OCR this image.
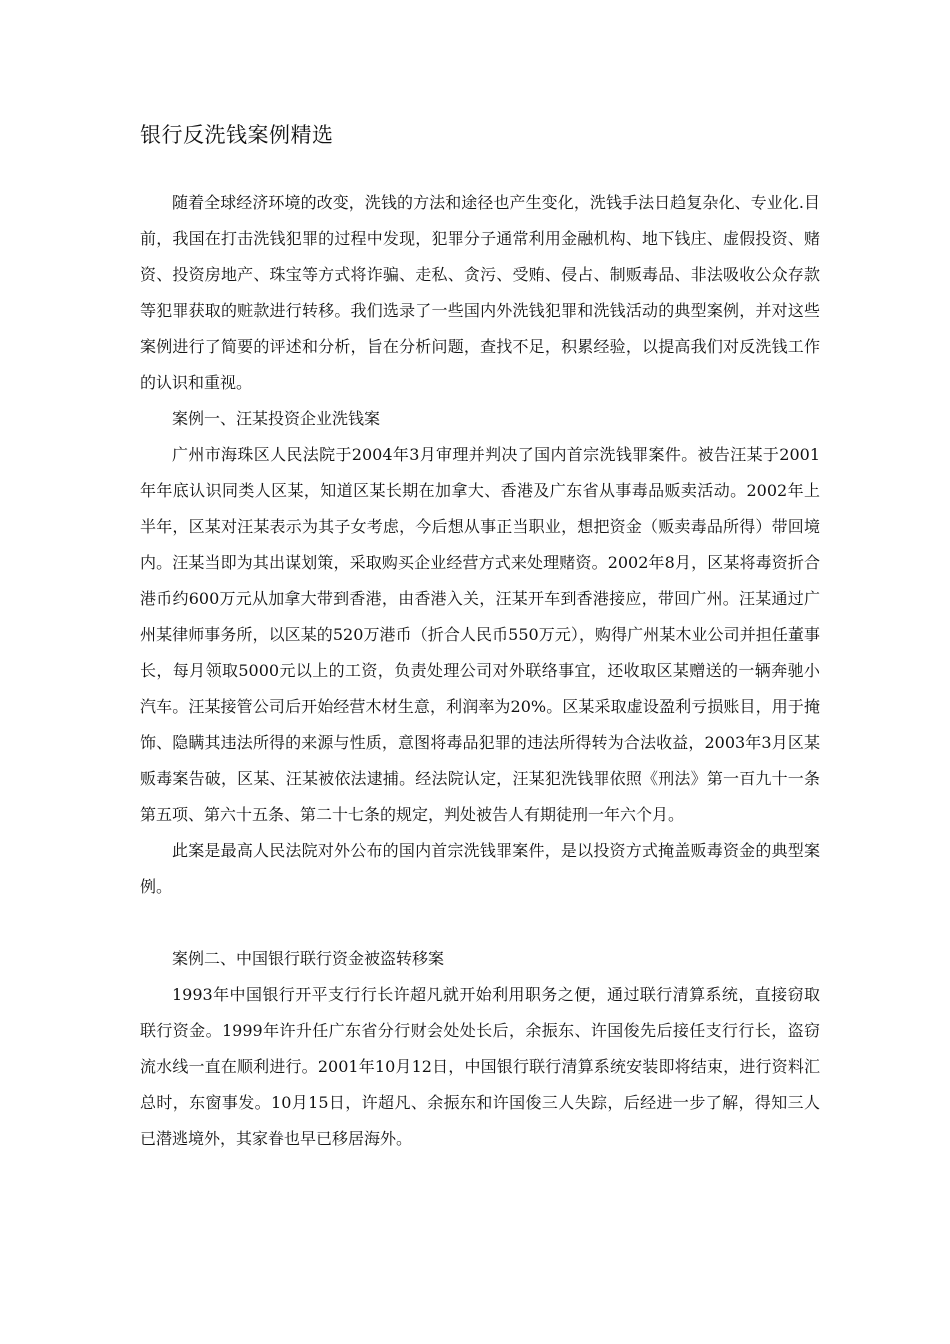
银行反洗钱案例精选

随着全球经济环境的改变，洗钱的方法和途径也产生变化，洗钱手法日趋复杂化、专业化.目前，我国在打击洗钱犯罪的过程中发现，犯罪分子通常利用金融机构、地下钱庄、虚假投资、赌资、投资房地产、珠宝等方式将诈骗、走私、贪污、受贿、侵占、制贩毒品、非法吸收公众存款等犯罪获取的赃款进行转移。我们选录了一些国内外洗钱犯罪和洗钱活动的典型案例，并对这些案例进行了简要的评述和分析，旨在分析问题，查找不足，积累经验，以提高我们对反洗钱工作的认识和重视。

案例一、汪某投资企业洗钱案

广州市海珠区人民法院于2004年3月审理并判决了国内首宗洗钱罪案件。被告汪某于2001年年底认识同类人区某，知道区某长期在加拿大、香港及广东省从事毒品贩卖活动。2002年上半年，区某对汪某表示为其子女考虑，今后想从事正当职业，想把资金（贩卖毒品所得）带回境内。汪某当即为其出谋划策，采取购买企业经营方式来处理赌资。2002年8月，区某将毒资折合港币约600万元从加拿大带到香港，由香港入关，汪某开车到香港接应，带回广州。汪某通过广州某律师事务所，以区某的520万港币（折合人民币550万元），购得广州某木业公司并担任董事长，每月领取5000元以上的工资，负责处理公司对外联络事宜，还收取区某赠送的一辆奔驰小汽车。汪某接管公司后开始经营木材生意，利润率为20%。区某采取虚设盈利亏损账目，用于掩饰、隐瞒其违法所得的来源与性质，意图将毒品犯罪的违法所得转为合法收益，2003年3月区某贩毒案告破，区某、汪某被依法逮捕。经法院认定，汪某犯洗钱罪依照《刑法》第一百九十一条第五项、第六十五条、第二十七条的规定，判处被告人有期徒刑一年六个月。

此案是最高人民法院对外公布的国内首宗洗钱罪案件，是以投资方式掩盖贩毒资金的典型案例。

案例二、中国银行联行资金被盗转移案

1993年中国银行开平支行行长许超凡就开始利用职务之便，通过联行清算系统，直接窃取联行资金。1999年许升任广东省分行财会处处长后，余振东、许国俊先后接任支行行长，盗窃流水线一直在顺利进行。2001年10月12日，中国银行联行清算系统安装即将结束，进行资料汇总时，东窗事发。10月15日，许超凡、余振东和许国俊三人失踪，后经进一步了解，得知三人已潜逃境外，其家眷也早已移居海外。
